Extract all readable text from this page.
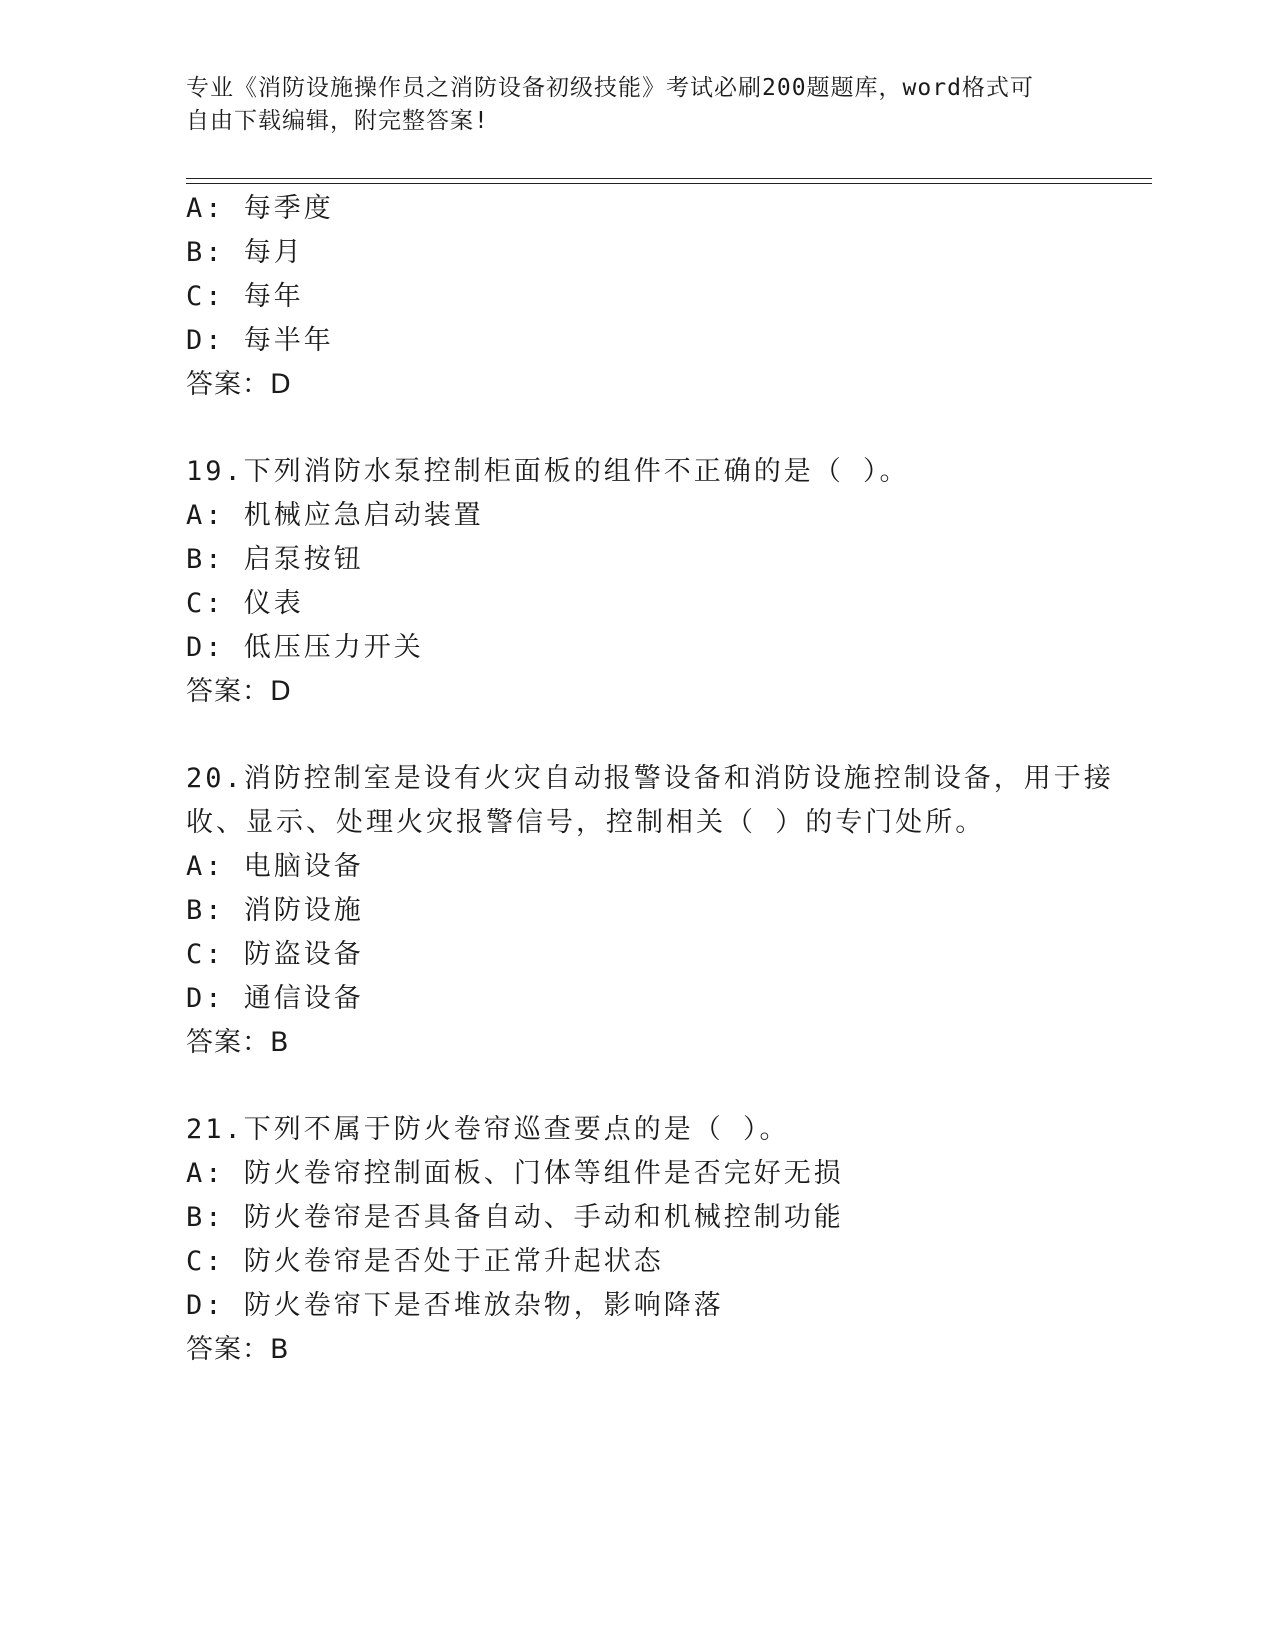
专业《消防设施操作员之消防设备初级技能》考试必刷200题题库，word格式可

自由下载编辑，附完整答案!

A: 每季度
B: 每月
C: 每年
D: 每半年
答案：D
19.下列消防水泵控制柜面板的组件不正确的是（ ）。
A: 机械应急启动装置
B: 启泵按钮
C: 仪表
D: 低压压力开关
答案：D
20.消防控制室是设有火灾自动报警设备和消防设施控制设备，用于接
收、显示、处理火灾报警信号，控制相关（ ）的专门处所。
A: 电脑设备
B: 消防设施
C: 防盗设备
D: 通信设备
答案：B
21.下列不属于防火卷帘巡查要点的是（ ）。
A: 防火卷帘控制面板、门体等组件是否完好无损
B: 防火卷帘是否具备自动、手动和机械控制功能
C: 防火卷帘是否处于正常升起状态
D: 防火卷帘下是否堆放杂物，影响降落
答案：B
